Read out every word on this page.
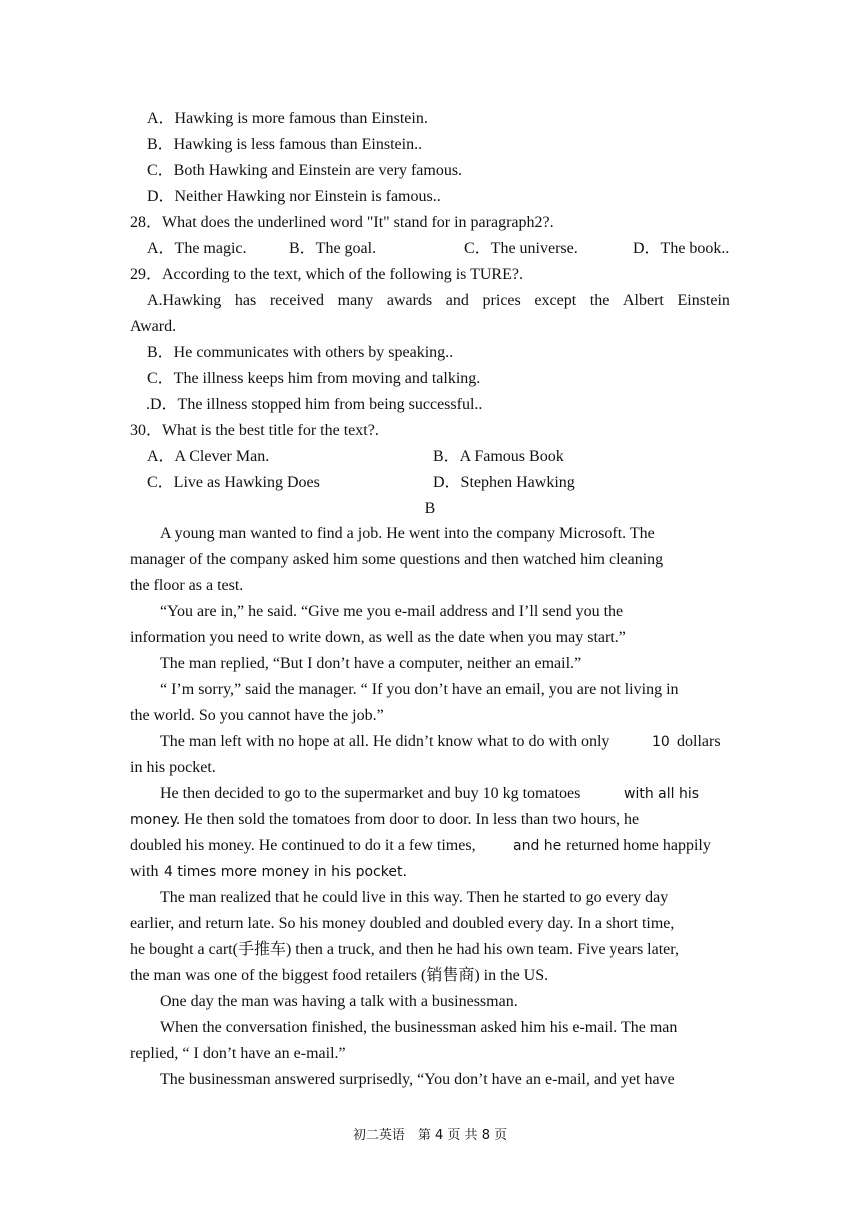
A．Hawking is more famous than Einstein.
B．Hawking is less famous than Einstein..
C．Both Hawking and Einstein are very famous.
D．Neither Hawking nor Einstein is famous..
28．What does the underlined word "It" stand for in paragraph2?.

A．The magic.

	B．The goal.

	C．The universe.

	D．The book..

29．According to the text, which of the following is TURE?.
A.Hawking has received many awards and prices except the Albert Einstein
Award.
B．He communicates with others by speaking..
C．The illness keeps him from moving and talking.
.D．The illness stopped him from being successful..
30．What is the best title for the text?.

A．A Clever Man.

	B．A Famous Book

C．Live as Hawking Does

	D．Stephen Hawking

B
A young man wanted to find a job. He went into the company Microsoft. The
manager of the company asked him some questions and then watched him cleaning
the floor as a test.
“You are in,” he said. “Give me you e-mail address and I’ll send you the
information you need to write down, as well as the date when you may start.”
The man replied, “But I don’t have a computer, neither an email.”
“ I’m sorry,” said the manager. “ If you don’t have an email, you are not living in
the world. So you cannot have the job.”

The man left with no hope at all. He didn’t know what to do with only

	10

dollars

in his pocket.

He then decided to go to the supermarket and buy 10 kg tomatoes

	with all his

money

. He then sold the tomatoes from door to door. In less than two hours, he

doubled his money. He continued to do it a few times,

	and he

returned home happily

with

4 times more money in his pocket.

The man realized that he could live in this way. Then he started to go every day
earlier, and return late. So his money doubled and doubled every day. In a short time,
he bought a cart(手推车) then a truck, and then he had his own team. Five years later,
the man was one of the biggest food retailers (销售商) in the US.
One day the man was having a talk with a businessman.
When the conversation finished, the businessman asked him his e-mail. The man
replied, “ I don’t have an e-mail.”
The businessman answered surprisedly, “You don’t have an e-mail, and yet have
初二英语　第 4 页 共 8 页
